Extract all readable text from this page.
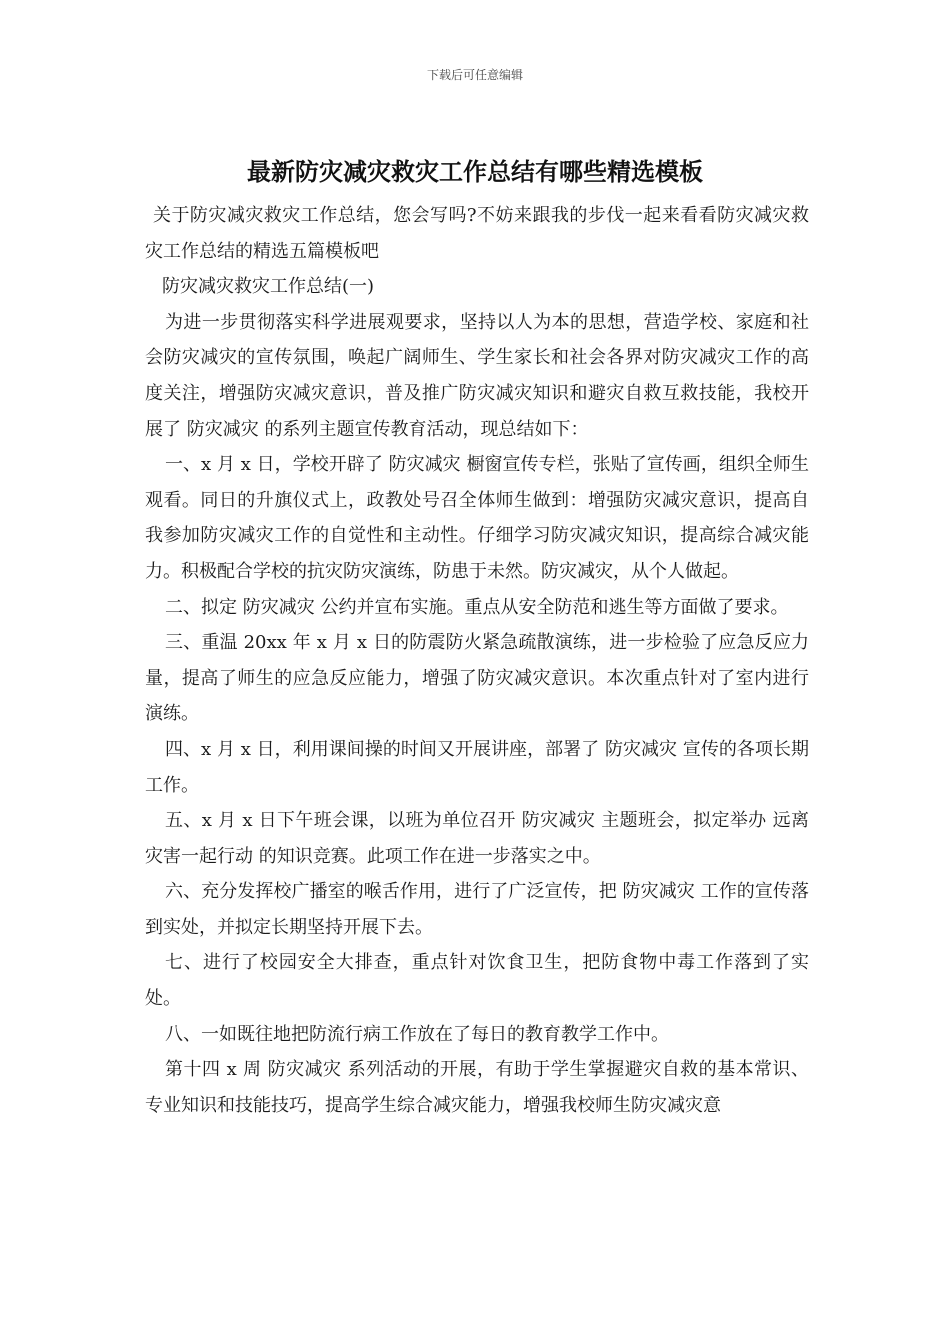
下载后可任意编辑
最新防灾减灾救灾工作总结有哪些精选模板

关于防灾减灾救灾工作总结，您会写吗?不妨来跟我的步伐一起来看看防灾减灾救灾工作总结的精选五篇模板吧

防灾减灾救灾工作总结(一)

为进一步贯彻落实科学进展观要求，坚持以人为本的思想，营造学校、家庭和社会防灾减灾的宣传氛围，唤起广阔师生、学生家长和社会各界对防灾减灾工作的高度关注，增强防灾减灾意识，普及推广防灾减灾知识和避灾自救互救技能，我校开展了 防灾减灾 的系列主题宣传教育活动，现总结如下：

一、x 月 x 日，学校开辟了 防灾减灾 橱窗宣传专栏，张贴了宣传画，组织全师生观看。同日的升旗仪式上，政教处号召全体师生做到：增强防灾减灾意识，提高自我参加防灾减灾工作的自觉性和主动性。仔细学习防灾减灾知识，提高综合减灾能力。积极配合学校的抗灾防灾演练，防患于未然。防灾减灾，从个人做起。

二、拟定 防灾减灾 公约并宣布实施。重点从安全防范和逃生等方面做了要求。

三、重温 20xx 年 x 月 x 日的防震防火紧急疏散演练，进一步检验了应急反应力量，提高了师生的应急反应能力，增强了防灾减灾意识。本次重点针对了室内进行演练。

四、x 月 x 日，利用课间操的时间又开展讲座，部署了 防灾减灾 宣传的各项长期工作。

五、x 月 x 日下午班会课，以班为单位召开 防灾减灾 主题班会，拟定举办 远离灾害一起行动 的知识竞赛。此项工作在进一步落实之中。

六、充分发挥校广播室的喉舌作用，进行了广泛宣传，把 防灾减灾 工作的宣传落到实处，并拟定长期坚持开展下去。

七、进行了校园安全大排查，重点针对饮食卫生，把防食物中毒工作落到了实处。

八、一如既往地把防流行病工作放在了每日的教育教学工作中。

第十四 x 周 防灾减灾 系列活动的开展，有助于学生掌握避灾自救的基本常识、专业知识和技能技巧，提高学生综合减灾能力，增强我校师生防灾减灾意
